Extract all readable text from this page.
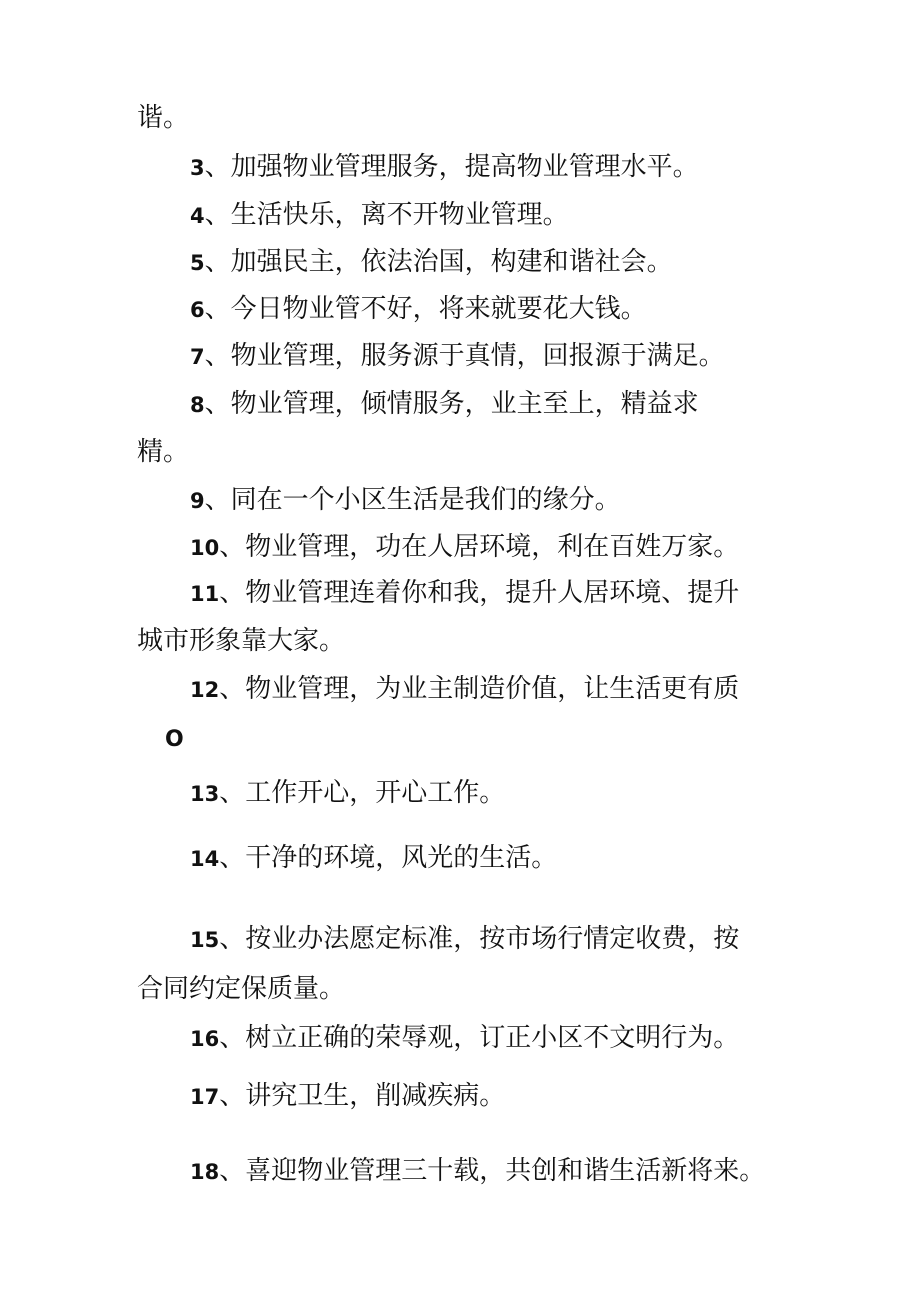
谐。
3、加强物业管理服务，提高物业管理水平。
4、生活快乐，离不开物业管理。
5、加强民主，依法治国，构建和谐社会。
6、今日物业管不好，将来就要花大钱。
7、物业管理，服务源于真情，回报源于满足。
8、物业管理，倾情服务，业主至上，精益求
精。
9、同在一个小区生活是我们的缘分。
10、物业管理，功在人居环境，利在百姓万家。
11、物业管理连着你和我，提升人居环境、提升
城市形象靠大家。
12、物业管理，为业主制造价值，让生活更有质
O
13、工作开心，开心工作。
14、干净的环境，风光的生活。
15、按业办法愿定标准，按市场行情定收费，按
合同约定保质量。
16、树立正确的荣辱观，订正小区不文明行为。
17、讲究卫生，削减疾病。
18、喜迎物业管理三十载，共创和谐生活新将来。
